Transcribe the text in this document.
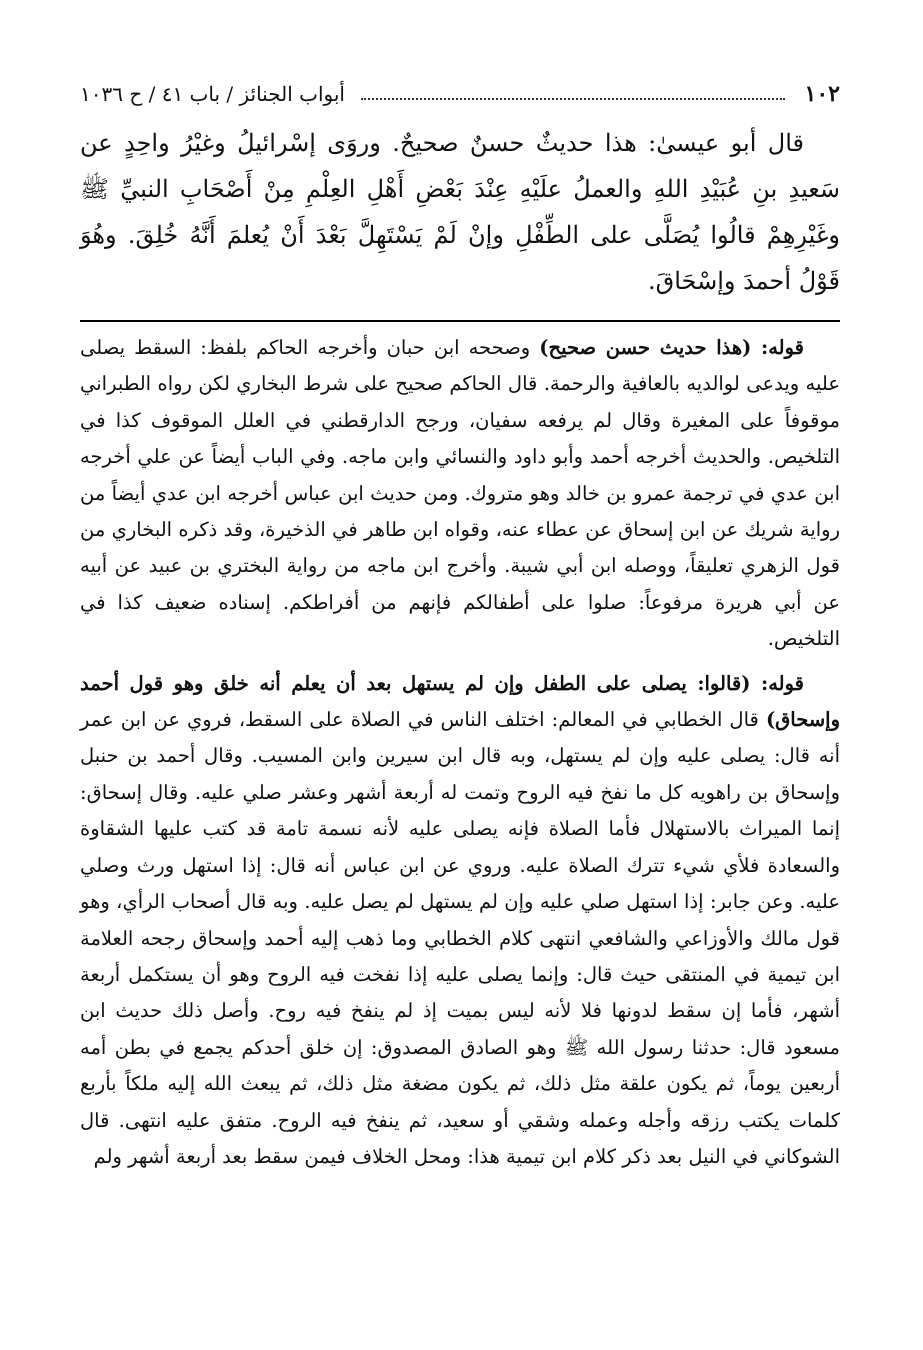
١٠٢
أبواب الجنائز / باب ٤١ / ح ١٠٣٦

قال أبو عيسىٰ: هذا حديثٌ حسنٌ صحيحٌ. وروَى إسْرائيلُ وغيْرُ واحِدٍ عن سَعيدِ بنِ عُبَيْدِ اللهِ والعملُ علَيْهِ عِنْدَ بَعْضِ أَهْلِ العِلْمِ مِنْ أَصْحَابِ النبيِّ ﷺ وغَيْرِهِمْ قالُوا يُصَلَّى على الطِّفْلِ وإنْ لَمْ يَسْتَهِلَّ بَعْدَ أَنْ يُعلمَ أَنَّهُ خُلِقَ. وهُوَ قَوْلُ أحمدَ وإسْحَاقَ.

قوله: (هذا حديث حسن صحيح) وصححه ابن حبان وأخرجه الحاكم بلفظ: السقط يصلى عليه ويدعى لوالديه بالعافية والرحمة. قال الحاكم صحيح على شرط البخاري لكن رواه الطبراني موقوفاً على المغيرة وقال لم يرفعه سفيان، ورجح الدارقطني في العلل الموقوف كذا في التلخيص. والحديث أخرجه أحمد وأبو داود والنسائي وابن ماجه. وفي الباب أيضاً عن علي أخرجه ابن عدي في ترجمة عمرو بن خالد وهو متروك. ومن حديث ابن عباس أخرجه ابن عدي أيضاً من رواية شريك عن ابن إسحاق عن عطاء عنه، وقواه ابن طاهر في الذخيرة، وقد ذكره البخاري من قول الزهري تعليقاً، ووصله ابن أبي شيبة. وأخرج ابن ماجه من رواية البختري بن عبيد عن أبيه عن أبي هريرة مرفوعاً: صلوا على أطفالكم فإنهم من أفراطكم. إسناده ضعيف كذا في التلخيص.

قوله: (قالوا: يصلى على الطفل وإن لم يستهل بعد أن يعلم أنه خلق وهو قول أحمد وإسحاق) قال الخطابي في المعالم: اختلف الناس في الصلاة على السقط، فروي عن ابن عمر أنه قال: يصلى عليه وإن لم يستهل، وبه قال ابن سيرين وابن المسيب. وقال أحمد بن حنبل وإسحاق بن راهويه كل ما نفخ فيه الروح وتمت له أربعة أشهر وعشر صلي عليه. وقال إسحاق: إنما الميراث بالاستهلال فأما الصلاة فإنه يصلى عليه لأنه نسمة تامة قد كتب عليها الشقاوة والسعادة فلأي شيء تترك الصلاة عليه. وروي عن ابن عباس أنه قال: إذا استهل ورث وصلي عليه. وعن جابر: إذا استهل صلي عليه وإن لم يستهل لم يصل عليه. وبه قال أصحاب الرأي، وهو قول مالك والأوزاعي والشافعي انتهى كلام الخطابي وما ذهب إليه أحمد وإسحاق رجحه العلامة ابن تيمية في المنتقى حيث قال: وإنما يصلى عليه إذا نفخت فيه الروح وهو أن يستكمل أربعة أشهر، فأما إن سقط لدونها فلا لأنه ليس بميت إذ لم ينفخ فيه روح. وأصل ذلك حديث ابن مسعود قال: حدثنا رسول الله ﷺ وهو الصادق المصدوق: إن خلق أحدكم يجمع في بطن أمه أربعين يوماً، ثم يكون علقة مثل ذلك، ثم يكون مضغة مثل ذلك، ثم يبعث الله إليه ملكاً بأربع كلمات يكتب رزقه وأجله وعمله وشقي أو سعيد، ثم ينفخ فيه الروح. متفق عليه انتهى. قال الشوكاني في النيل بعد ذكر كلام ابن تيمية هذا: ومحل الخلاف فيمن سقط بعد أربعة أشهر ولم
